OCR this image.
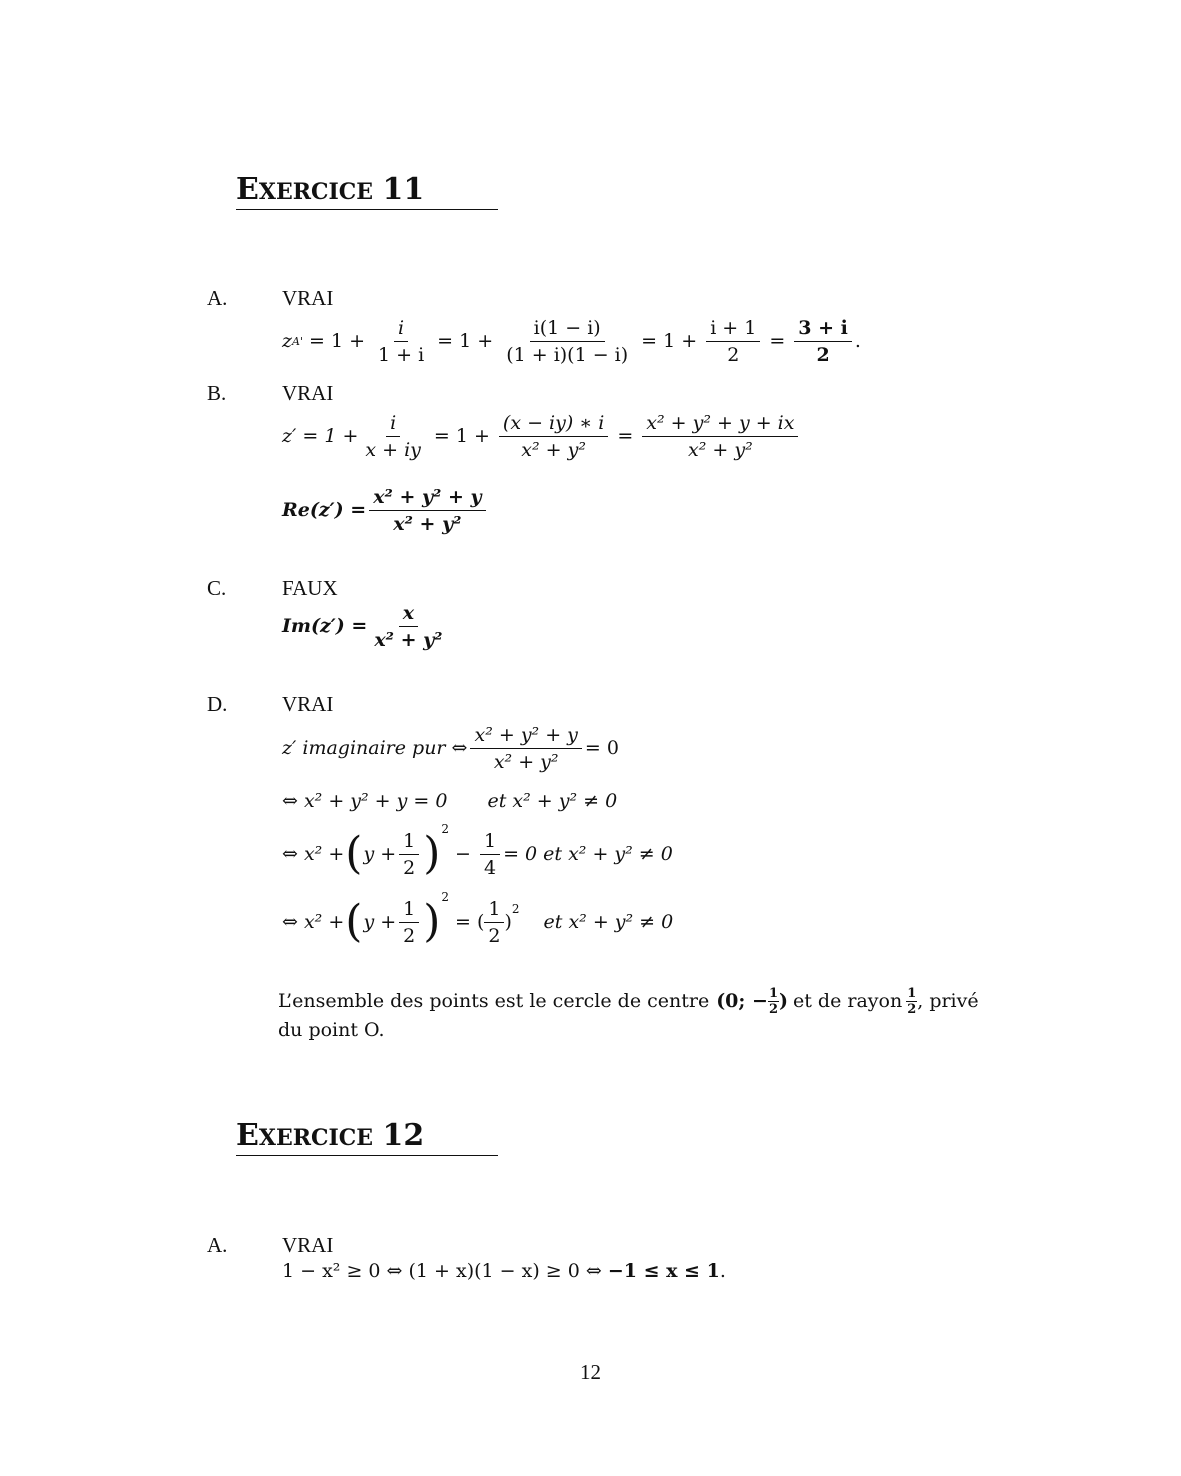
EXERCICE 11
A.	VRAI
z $A' = 1 + \frac{i}{1 + i} = 1 + \frac{i(1 - i)}{(1 + i)(1 - i)} = 1 + \frac{i + 1}{2} = \frac{3 + i}{2}$ .
B.	VRAI
$z' = 1 + \frac{i}{x + iy} = 1 + \frac{(x - iy) ∗ i}{\text{x² + y²}} = \frac{\text{x² + y² + y + ix}}{\text{x² + y²}}$
$Re(z') = \frac{\text{x² + y² + y}}{\text{x² + y²}}$
C.	FAUX
$Im(z') = \frac{x}{\text{x² + y²}}$
D.	VRAI
z′ imaginaire pur ⇔ $\frac{\text{x² + y² + y}}{\text{x² + y²}} = 0$
⇔ x² + y² + y = 0 et x² + y² ≠ 0
⇔ x² + ( $y + \frac{1}{2} )^2$
− $\frac{1}{4} = 0$ et x² + y² ≠ 0
⇔ x² + ( $y + \frac{1}{2} )^2$
= ( $\frac{1}{2}$ )
$^2$
et x² + y² ≠ 0
L’ensemble des points est le cercle de centre (0; − $\frac{1}{2}$ ) et de rayon $\frac{1}{2}$ , privé
du point O.
EXERCICE 12
A.	VRAI
1 − x² ≥ 0 ⇔ (1 + x)(1 − x) ≥ 0 ⇔ −1 ≤ x ≤ 1 .
12
